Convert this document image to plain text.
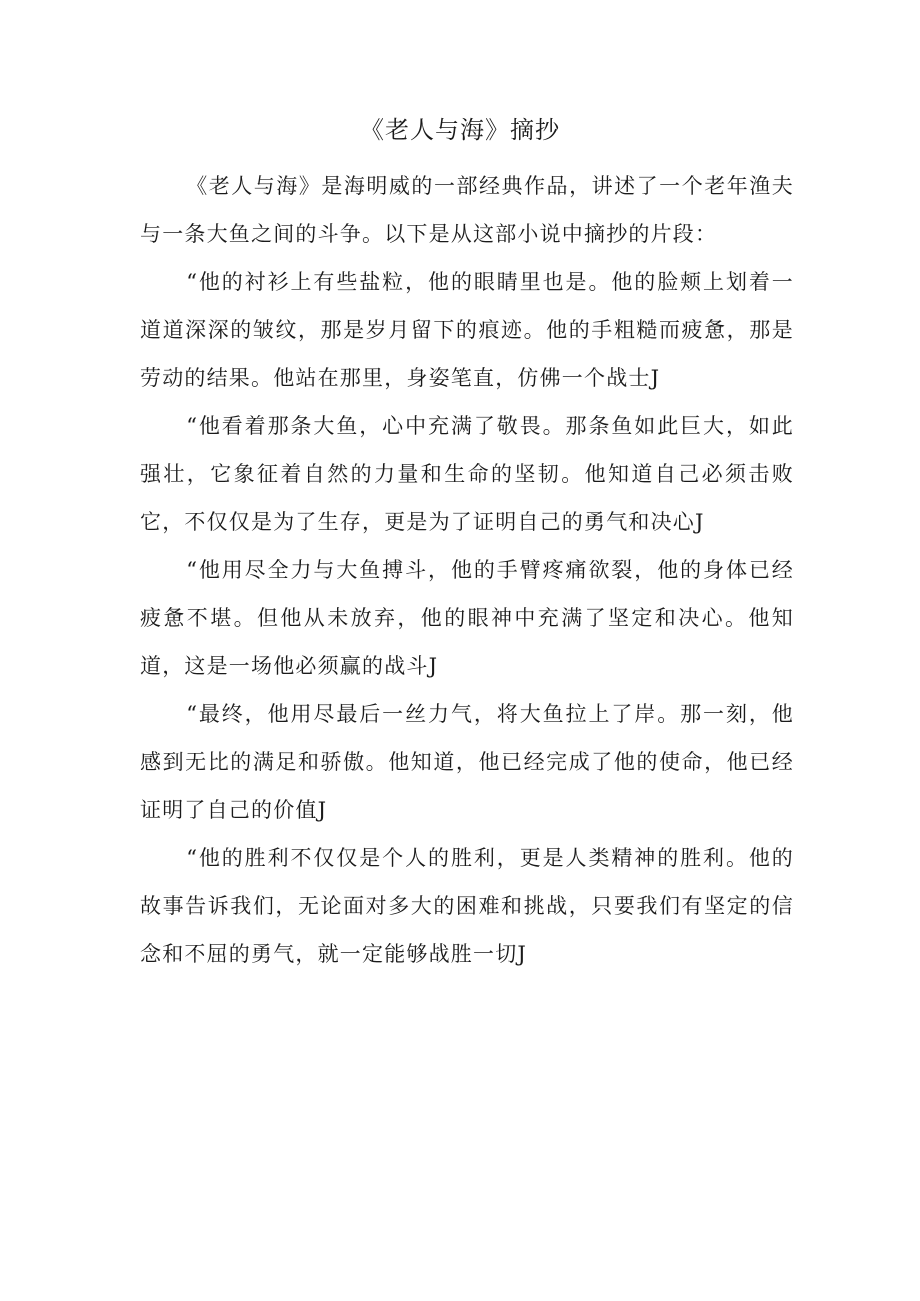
《老人与海》摘抄

《老人与海》是海明威的一部经典作品，讲述了一个老年渔夫与一条大鱼之间的斗争。以下是从这部小说中摘抄的片段：

“他的衬衫上有些盐粒，他的眼睛里也是。他的脸颊上划着一道道深深的皱纹，那是岁月留下的痕迹。他的手粗糙而疲惫，那是劳动的结果。他站在那里，身姿笔直，仿佛一个战士J

“他看着那条大鱼，心中充满了敬畏。那条鱼如此巨大，如此强壮，它象征着自然的力量和生命的坚韧。他知道自己必须击败它，不仅仅是为了生存，更是为了证明自己的勇气和决心J

“他用尽全力与大鱼搏斗，他的手臂疼痛欲裂，他的身体已经疲惫不堪。但他从未放弃，他的眼神中充满了坚定和决心。他知道，这是一场他必须赢的战斗J

“最终，他用尽最后一丝力气，将大鱼拉上了岸。那一刻，他感到无比的满足和骄傲。他知道，他已经完成了他的使命，他已经证明了自己的价值J

“他的胜利不仅仅是个人的胜利，更是人类精神的胜利。他的故事告诉我们，无论面对多大的困难和挑战，只要我们有坚定的信念和不屈的勇气，就一定能够战胜一切J
